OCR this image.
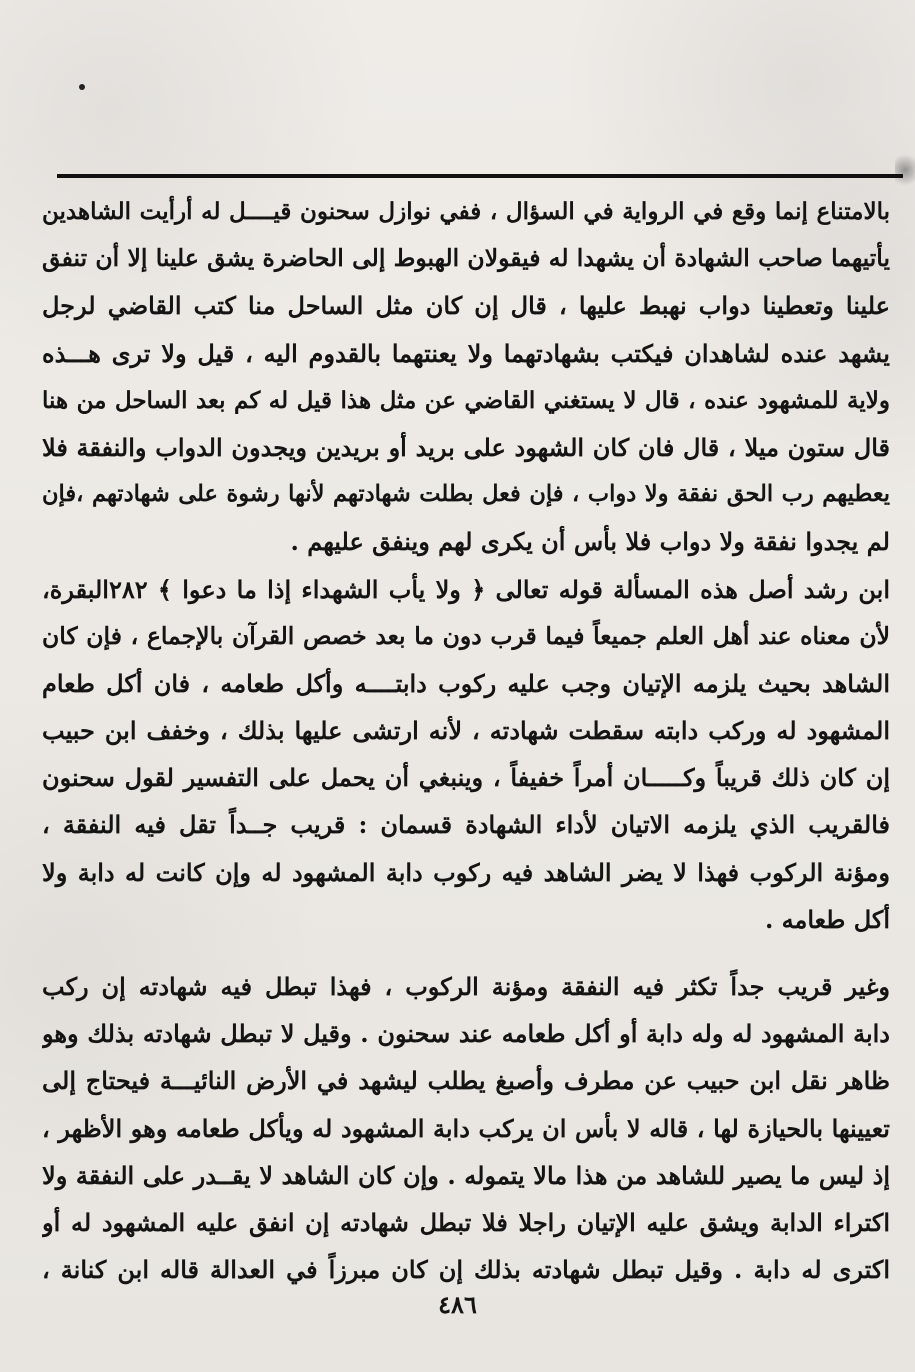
بالامتناع إنما وقع في الرواية في السؤال ، ففي نوازل سحنون قيــــل له أرأيت الشاهدين
يأتيهما صاحب الشهادة أن يشهدا له فيقولان الهبوط إلى الحاضرة يشق علينا إلا أن تنفق
علينا وتعطينا دواب نهبط عليها ، قال إن كان مثل الساحل منا كتب القاضي لرجل
يشهد عنده لشاهدان فيكتب بشهادتهما ولا يعنتهما بالقدوم اليه ، قيل ولا ترى هـــذه
ولاية للمشهود عنده ، قال لا يستغني القاضي عن مثل هذا قيل له كم بعد الساحل من هنا
قال ستون ميلا ، قال فان كان الشهود على بريد أو بريدين ويجدون الدواب والنفقة فلا
يعطيهم رب الحق نفقة ولا دواب ، فإن فعل بطلت شهادتهم لأنها رشوة على شهادتهم ،فإن
لم يجدوا نفقة ولا دواب فلا بأس أن يكرى لهم وينفق عليهم .
ابن رشد أصل هذه المسألة قوله تعالى ﴿ ولا يأب الشهداء إذا ما دعوا ﴾ ٢٨٢البقرة،
لأن معناه عند أهل العلم جميعاً فيما قرب دون ما بعد خصص القرآن بالإجماع ، فإن كان
الشاهد بحيث يلزمه الإتيان وجب عليه ركوب دابتــــه وأكل طعامه ، فان أكل طعام
المشهود له وركب دابته سقطت شهادته ، لأنه ارتشى عليها بذلك ، وخفف ابن حبيب
إن كان ذلك قريباً وكـــــان أمراً خفيفاً ، وينبغي أن يحمل على التفسير لقول سحنون
فالقريب الذي يلزمه الاتيان لأداء الشهادة قسمان : قريب جــداً تقل فيه النفقة ،
ومؤنة الركوب فهذا لا يضر الشاهد فيه ركوب دابة المشهود له وإن كانت له دابة ولا
أكل طعامه .
وغير قريب جداً تكثر فيه النفقة ومؤنة الركوب ، فهذا تبطل فيه شهادته إن ركب
دابة المشهود له وله دابة أو أكل طعامه عند سحنون . وقيل لا تبطل شهادته بذلك وهو
ظاهر نقل ابن حبيب عن مطرف وأصبغ يطلب ليشهد في الأرض النائيـــة فيحتاج إلى
تعيينها بالحيازة لها ، قاله لا بأس ان يركب دابة المشهود له ويأكل طعامه وهو الأظهر ،
إذ ليس ما يصير للشاهد من هذا مالا يتموله . وإن كان الشاهد لا يقــدر على النفقة ولا
اكتراء الدابة ويشق عليه الإتيان راجلا فلا تبطل شهادته إن انفق عليه المشهود له أو
اكترى له دابة . وقيل تبطل شهادته بذلك إن كان مبرزاً في العدالة قاله ابن كنانة ،
٤٨٦
